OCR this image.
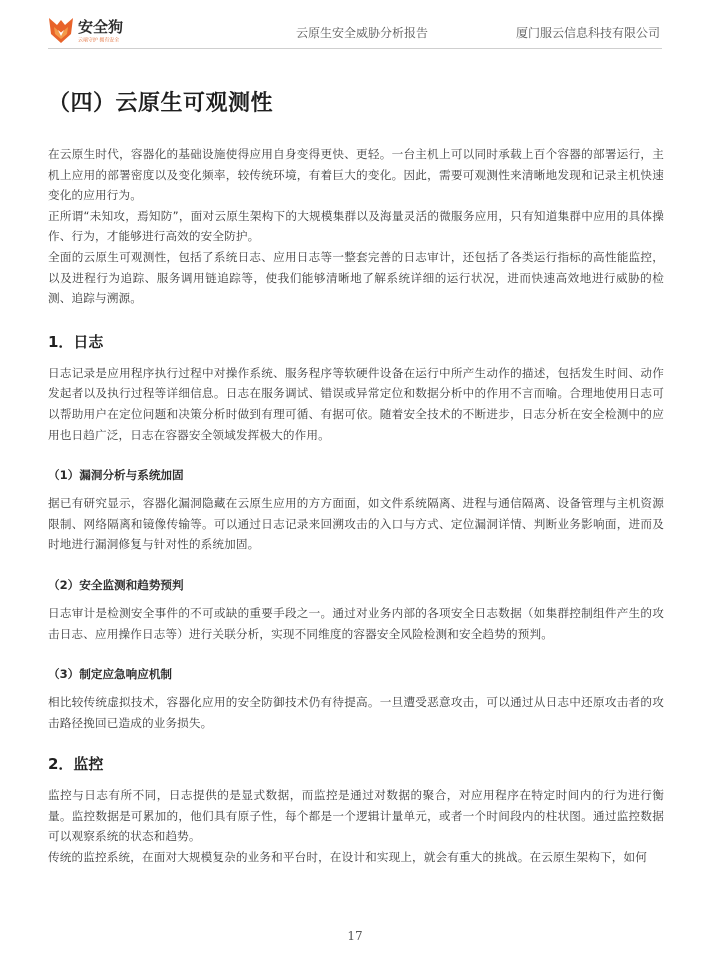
安全狗
云端守护 拥有安全
云原生安全威胁分析报告	厦门服云信息科技有限公司
（四）云原生可观测性

在云原生时代，容器化的基础设施使得应用自身变得更快、更轻。一台主机上可以同时承载上百个容器的部署运行，主机上应用的部署密度以及变化频率，较传统环境，有着巨大的变化。因此，需要可观测性来清晰地发现和记录主机快速变化的应用行为。

正所谓“未知攻，焉知防”，面对云原生架构下的大规模集群以及海量灵活的微服务应用，只有知道集群中应用的具体操作、行为，才能够进行高效的安全防护。

全面的云原生可观测性，包括了系统日志、应用日志等一整套完善的日志审计，还包括了各类运行指标的高性能监控，以及进程行为追踪、服务调用链追踪等，使我们能够清晰地了解系统详细的运行状况，进而快速高效地进行威胁的检测、追踪与溯源。

1．日志

日志记录是应用程序执行过程中对操作系统、服务程序等软硬件设备在运行中所产生动作的描述，包括发生时间、动作发起者以及执行过程等详细信息。日志在服务调试、错误或异常定位和数据分析中的作用不言而喻。合理地使用日志可以帮助用户在定位问题和决策分析时做到有理可循、有据可依。随着安全技术的不断进步，日志分析在安全检测中的应用也日趋广泛，日志在容器安全领域发挥极大的作用。

（1）漏洞分析与系统加固

据已有研究显示，容器化漏洞隐藏在云原生应用的方方面面，如文件系统隔离、进程与通信隔离、设备管理与主机资源限制、网络隔离和镜像传输等。可以通过日志记录来回溯攻击的入口与方式、定位漏洞详情、判断业务影响面，进而及时地进行漏洞修复与针对性的系统加固。

（2）安全监测和趋势预判

日志审计是检测安全事件的不可或缺的重要手段之一。通过对业务内部的各项安全日志数据（如集群控制组件产生的攻击日志、应用操作日志等）进行关联分析，实现不同维度的容器安全风险检测和安全趋势的预判。

（3）制定应急响应机制

相比较传统虚拟技术，容器化应用的安全防御技术仍有待提高。一旦遭受恶意攻击，可以通过从日志中还原攻击者的攻击路径挽回已造成的业务损失。

2．监控

监控与日志有所不同，日志提供的是显式数据，而监控是通过对数据的聚合，对应用程序在特定时间内的行为进行衡量。监控数据是可累加的，他们具有原子性，每个都是一个逻辑计量单元，或者一个时间段内的柱状图。通过监控数据可以观察系统的状态和趋势。

传统的监控系统，在面对大规模复杂的业务和平台时，在设计和实现上，就会有重大的挑战。在云原生架构下，如何

17
